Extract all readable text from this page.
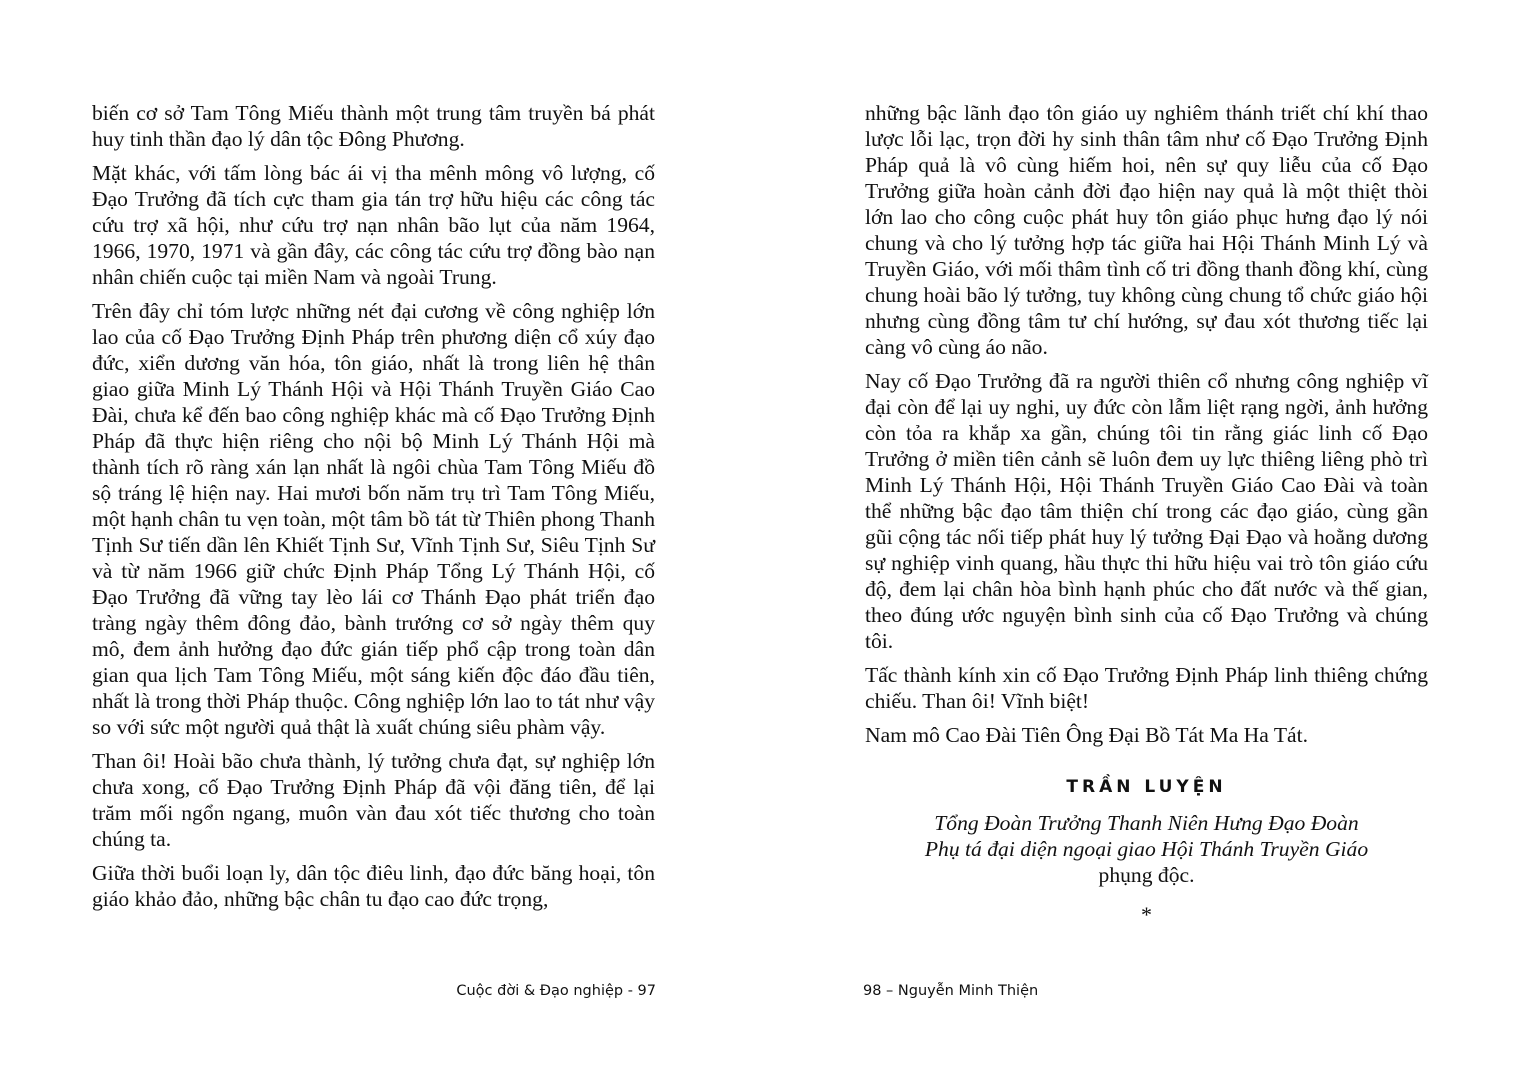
biến cơ sở Tam Tông Miếu thành một trung tâm truyền bá phát huy tinh thần đạo lý dân tộc Đông Phương.

Mặt khác, với tấm lòng bác ái vị tha mênh mông vô lượng, cố Đạo Trưởng đã tích cực tham gia tán trợ hữu hiệu các công tác cứu trợ xã hội, như cứu trợ nạn nhân bão lụt của năm 1964, 1966, 1970, 1971 và gần đây, các công tác cứu trợ đồng bào nạn nhân chiến cuộc tại miền Nam và ngoài Trung.

Trên đây chỉ tóm lược những nét đại cương về công nghiệp lớn lao của cố Đạo Trưởng Định Pháp trên phương diện cổ xúy đạo đức, xiển dương văn hóa, tôn giáo, nhất là trong liên hệ thân giao giữa Minh Lý Thánh Hội và Hội Thánh Truyền Giáo Cao Đài, chưa kể đến bao công nghiệp khác mà cố Đạo Trưởng Định Pháp đã thực hiện riêng cho nội bộ Minh Lý Thánh Hội mà thành tích rõ ràng xán lạn nhất là ngôi chùa Tam Tông Miếu đồ sộ tráng lệ hiện nay. Hai mươi bốn năm trụ trì Tam Tông Miếu, một hạnh chân tu vẹn toàn, một tâm bồ tát từ Thiên phong Thanh Tịnh Sư tiến dần lên Khiết Tịnh Sư, Vĩnh Tịnh Sư, Siêu Tịnh Sư và từ năm 1966 giữ chức Định Pháp Tổng Lý Thánh Hội, cố Đạo Trưởng đã vững tay lèo lái cơ Thánh Đạo phát triển đạo tràng ngày thêm đông đảo, bành trướng cơ sở ngày thêm quy mô, đem ảnh hưởng đạo đức gián tiếp phổ cập trong toàn dân gian qua lịch Tam Tông Miếu, một sáng kiến độc đáo đầu tiên, nhất là trong thời Pháp thuộc. Công nghiệp lớn lao to tát như vậy so với sức một người quả thật là xuất chúng siêu phàm vậy.

Than ôi! Hoài bão chưa thành, lý tưởng chưa đạt, sự nghiệp lớn chưa xong, cố Đạo Trưởng Định Pháp đã vội đăng tiên, để lại trăm mối ngổn ngang, muôn vàn đau xót tiếc thương cho toàn chúng ta.

Giữa thời buổi loạn ly, dân tộc điêu linh, đạo đức băng hoại, tôn giáo khảo đảo, những bậc chân tu đạo cao đức trọng,

Cuộc đời & Đạo nghiệp - 97

những bậc lãnh đạo tôn giáo uy nghiêm thánh triết chí khí thao lược lỗi lạc, trọn đời hy sinh thân tâm như cố Đạo Trưởng Định Pháp quả là vô cùng hiếm hoi, nên sự quy liễu của cố Đạo Trưởng giữa hoàn cảnh đời đạo hiện nay quả là một thiệt thòi lớn lao cho công cuộc phát huy tôn giáo phục hưng đạo lý nói chung và cho lý tưởng hợp tác giữa hai Hội Thánh Minh Lý và Truyền Giáo, với mối thâm tình cố tri đồng thanh đồng khí, cùng chung hoài bão lý tưởng, tuy không cùng chung tổ chức giáo hội nhưng cùng đồng tâm tư chí hướng, sự đau xót thương tiếc lại càng vô cùng áo não.

Nay cố Đạo Trưởng đã ra người thiên cổ nhưng công nghiệp vĩ đại còn để lại uy nghi, uy đức còn lẫm liệt rạng ngời, ảnh hưởng còn tỏa ra khắp xa gần, chúng tôi tin rằng giác linh cố Đạo Trưởng ở miền tiên cảnh sẽ luôn đem uy lực thiêng liêng phò trì Minh Lý Thánh Hội, Hội Thánh Truyền Giáo Cao Đài và toàn thể những bậc đạo tâm thiện chí trong các đạo giáo, cùng gần gũi cộng tác nối tiếp phát huy lý tưởng Đại Đạo và hoằng dương sự nghiệp vinh quang, hầu thực thi hữu hiệu vai trò tôn giáo cứu độ, đem lại chân hòa bình hạnh phúc cho đất nước và thế gian, theo đúng ước nguyện bình sinh của cố Đạo Trưởng và chúng tôi.

Tấc thành kính xin cố Đạo Trưởng Định Pháp linh thiêng chứng chiếu. Than ôi! Vĩnh biệt!

Nam mô Cao Đài Tiên Ông Đại Bồ Tát Ma Ha Tát.

TRẦN LUYỆN
Tổng Đoàn Trưởng Thanh Niên Hưng Đạo Đoàn
Phụ tá đại diện ngoại giao Hội Thánh Truyền Giáo
phụng độc.
*
98 – Nguyễn Minh Thiện
